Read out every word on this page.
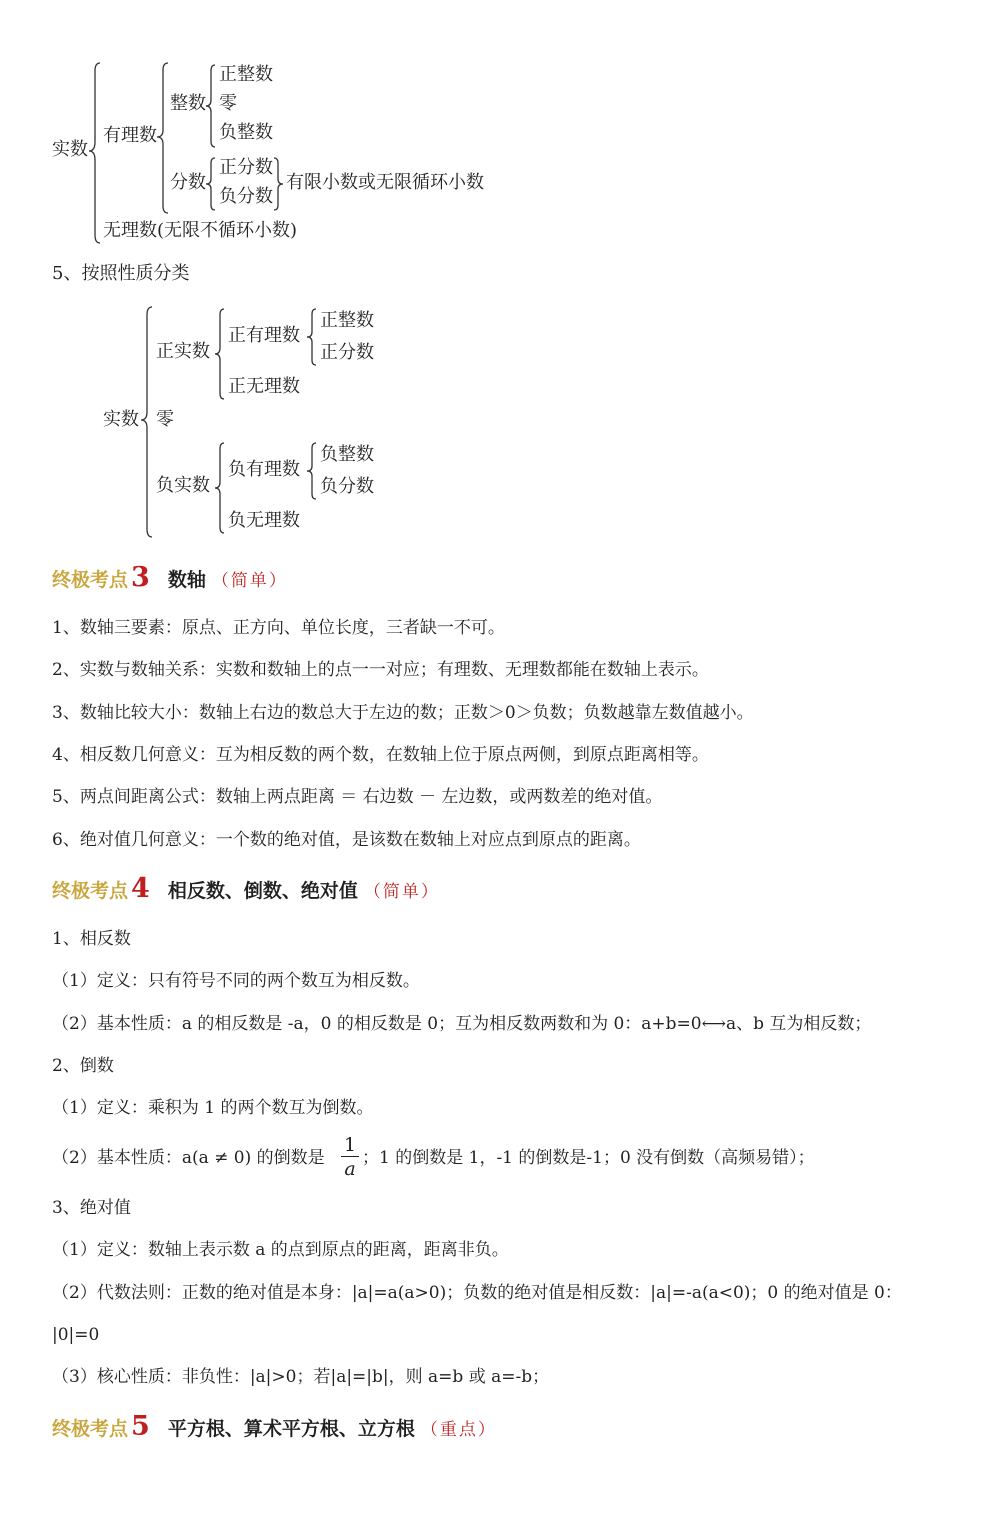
实数
有理数
整数
正整数
零
负整数
分数
正分数
负分数
有限小数或无限循环小数
无理数(无限不循环小数)
5、按照性质分类
实数
正实数
正有理数
正整数
正分数
正无理数
零
负实数
负有理数
负整数
负分数
负无理数
终极考点 3 数轴 （简单）
1、数轴三要素：原点、正方向、单位长度，三者缺一不可。
2、实数与数轴关系：实数和数轴上的点一一对应；有理数、无理数都能在数轴上表示。
3、数轴比较大小：数轴上右边的数总大于左边的数；正数＞0＞负数；负数越靠左数值越小。
4、相反数几何意义：互为相反数的两个数，在数轴上位于原点两侧，到原点距离相等。
5、两点间距离公式：数轴上两点距离 ＝ 右边数 － 左边数，或两数差的绝对值。
6、绝对值几何意义：一个数的绝对值，是该数在数轴上对应点到原点的距离。
终极考点 4 相反数、倒数、绝对值 （简单）
1、相反数
（1）定义：只有符号不同的两个数互为相反数。
（2）基本性质：a 的相反数是 -a，0 的相反数是 0；互为相反数两数和为 0：a+b=0⟷a、b 互为相反数；
2、倒数
（1）定义：乘积为 1 的两个数互为倒数。
（2）基本性质：a(a ≠ 0) 的倒数是
1
a ；1 的倒数是 1，-1 的倒数是-1；0 没有倒数（高频易错）；
3、绝对值
（1）定义：数轴上表示数 a 的点到原点的距离，距离非负。
（2）代数法则：正数的绝对值是本身：|a|=a(a>0)；负数的绝对值是相反数：|a|=-a(a<0)；0 的绝对值是 0：
|0|=0
（3）核心性质：非负性：|a|>0；若|a|=|b|，则 a=b 或 a=-b；
终极考点 5 平方根、算术平方根、立方根 （重点）
